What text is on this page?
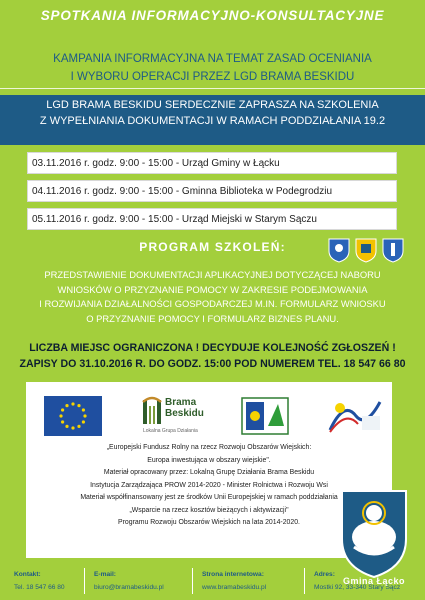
SPOTKANIA INFORMACYJNO-KONSULTACYJNE
KAMPANIA INFORMACYJNA NA TEMAT ZASAD OCENIANIA
I WYBORU OPERACJI PRZEZ LGD BRAMA BESKIDU
LGD BRAMA BESKIDU SERDECZNIE ZAPRASZA NA SZKOLENIA
Z WYPEŁNIANIA DOKUMENTACJI W RAMACH PODDZIAŁANIA 19.2
03.11.2016 r. godz. 9:00 - 15:00 - Urząd Gminy w Łącku
04.11.2016 r. godz. 9:00 - 15:00 - Gminna Biblioteka w Podegrodziu
05.11.2016 r. godz. 9:00 - 15:00 - Urząd Miejski w Starym Sączu
PROGRAM SZKOLEŃ:
PRZEDSTAWIENIE DOKUMENTACJI APLIKACYJNEJ DOTYCZĄCEJ NABORU
WNIOSKÓW O PRZYZNANIE POMOCY W ZAKRESIE PODEJMOWANIA
I ROZWIJANIA DZIAŁALNOŚCI GOSPODARCZEJ M.IN. FORMULARZ WNIOSKU
O PRZYZNANIE POMOCY I FORMULARZ BIZNES PLANU.
LICZBA MIEJSC OGRANICZONA ! DECYDUJE KOLEJNOŚĆ ZGŁOSZEŃ !
ZAPISY DO 31.10.2016 R. DO GODZ. 15:00 POD NUMEREM TEL. 18 547 66 80
Brama
Beskidu
Lokalna Grupa Działania
„Europejski Fundusz Rolny na rzecz Rozwoju Obszarów Wiejskich:
Europa inwestująca w obszary wiejskie".
Materiał opracowany przez: Lokalną Grupę Działania Brama Beskidu
Instytucja Zarządzająca PROW 2014-2020 - Minister Rolnictwa i Rozwoju Wsi
Materiał współfinansowany jest ze środków Unii Europejskiej w ramach poddziałania
„Wsparcie na rzecz kosztów bieżących i aktywizacji"
Programu Rozwoju Obszarów Wiejskich na lata 2014-2020.
Kontakt:
Tel. 18 547 66 80
E-mail:
biuro@bramabeskidu.pl
Strona internetowa:
www.bramabeskidu.pl
Adres:
Mostki 92, 33-340 Stary Sącz
Gmina Łącko
